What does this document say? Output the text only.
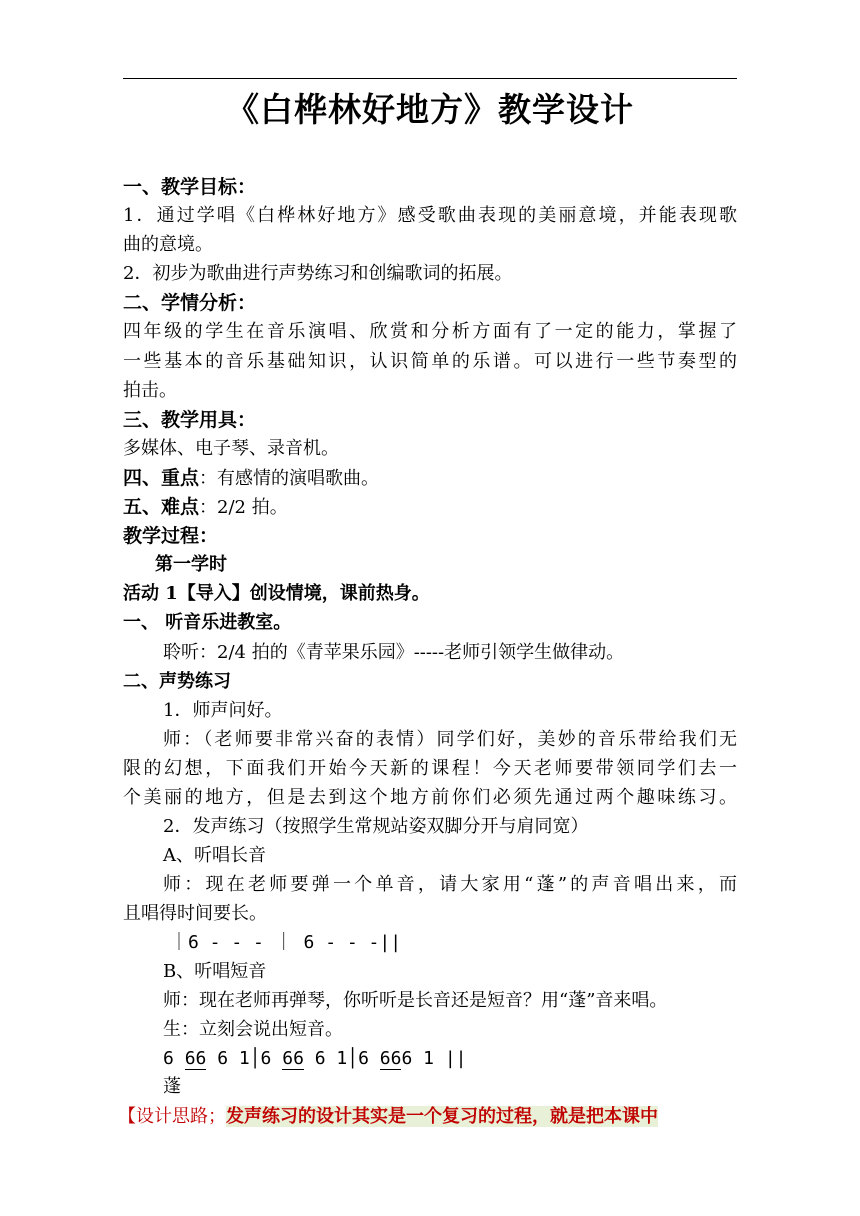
《白桦林好地方》教学设计
一、教学目标：
1．通过学唱《白桦林好地方》感受歌曲表现的美丽意境，并能表现歌
曲的意境。
2．初步为歌曲进行声势练习和创编歌词的拓展。
二、学情分析：
四年级的学生在音乐演唱、欣赏和分析方面有了一定的能力，掌握了
一些基本的音乐基础知识，认识简单的乐谱。可以进行一些节奏型的
拍击。
三、教学用具：
多媒体、电子琴、录音机。
四、重点：有感情的演唱歌曲。
五、难点：2/2 拍。
教学过程：
第一学时
活动 1【导入】创设情境，课前热身。
一、 听音乐进教室。
聆听：2/4 拍的《青苹果乐园》-----老师引领学生做律动。
二、声势练习
1．师声问好。
师：（老师要非常兴奋的表情）同学们好，美妙的音乐带给我们无
限的幻想，下面我们开始今天新的课程！今天老师要带领同学们去一
个美丽的地方，但是去到这个地方前你们必须先通过两个趣味练习。
2．发声练习（按照学生常规站姿双脚分开与肩同宽）
A、听唱长音
师：现在老师要弹一个单音，请大家用“蓬”的声音唱出来，而
且唱得时间要长。
｜6 - - - ｜ 6 - - -||
B、听唱短音
师：现在老师再弹琴，你听听是长音还是短音？用“蓬”音来唱。
生：立刻会说出短音。
6 66 6 1│6 66 6 1│6 666 1 ||
蓬
【设计思路；发声练习的设计其实是一个复习的过程，就是把本课中
